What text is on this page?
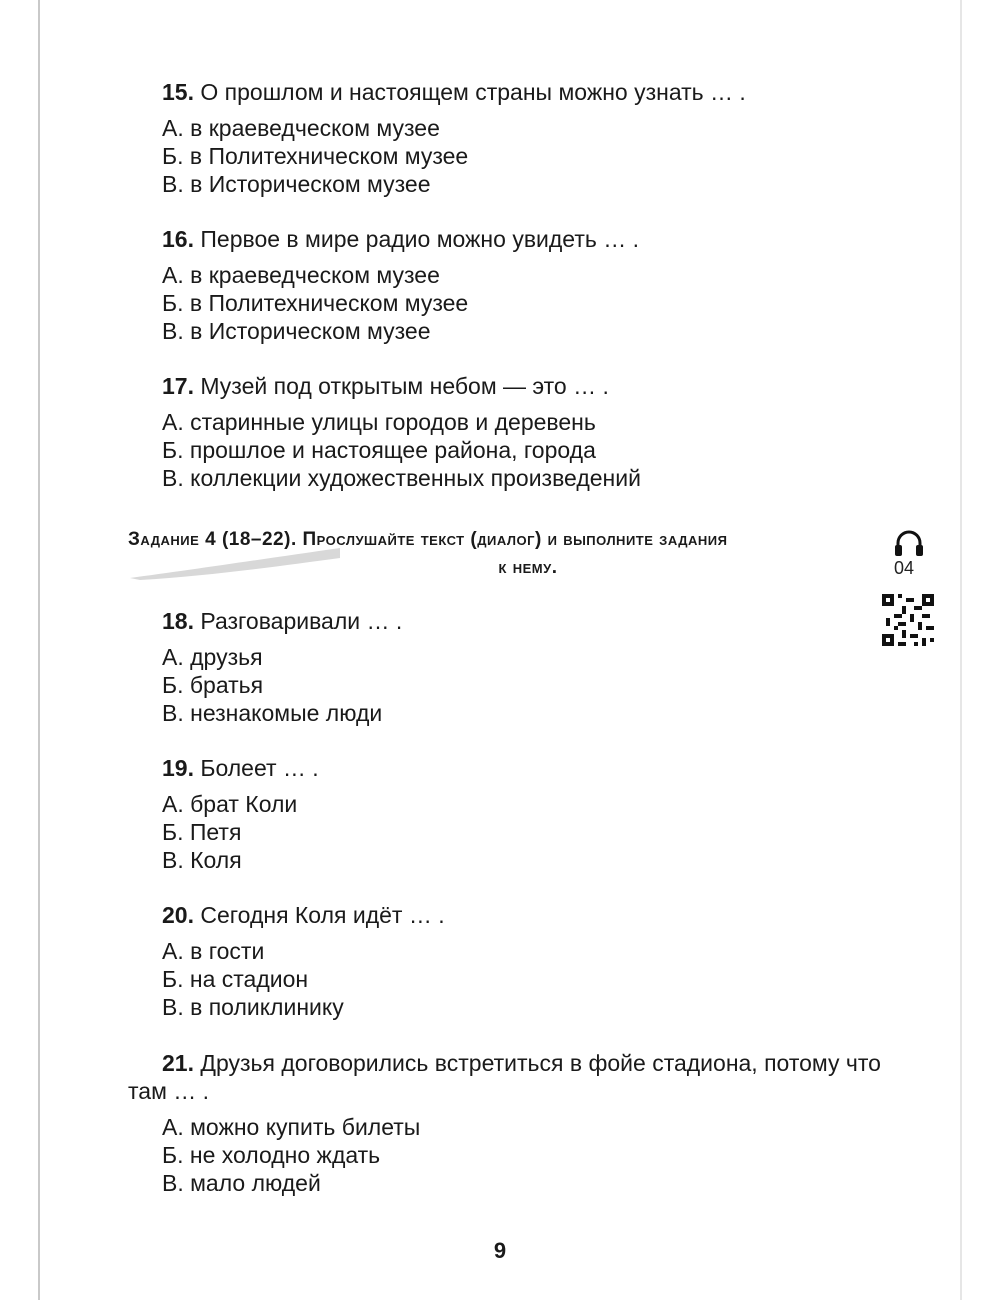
15. О прошлом и настоящем страны можно узнать … .
А. в краеведческом музее
Б. в Политехническом музее
В. в Историческом музее
16. Первое в мире радио можно увидеть … .
А. в краеведческом музее
Б. в Политехническом музее
В. в Историческом музее
17. Музей под открытым небом — это … .
А. старинные улицы городов и деревень
Б. прошлое и настоящее района, города
В. коллекции художественных произведений
Задание 4 (18–22). Прослушайте текст (диалог) и выполните задания
к нему.	04
18. Разговаривали … .
А. друзья
Б. братья
В. незнакомые люди
19. Болеет … .
А. брат Коли
Б. Петя
В. Коля
20. Сегодня Коля идёт … .
А. в гости
Б. на стадион
В. в поликлинику
21. Друзья договорились встретиться в фойе стадиона, потому что там … .
А. можно купить билеты
Б. не холодно ждать
В. мало людей
9
